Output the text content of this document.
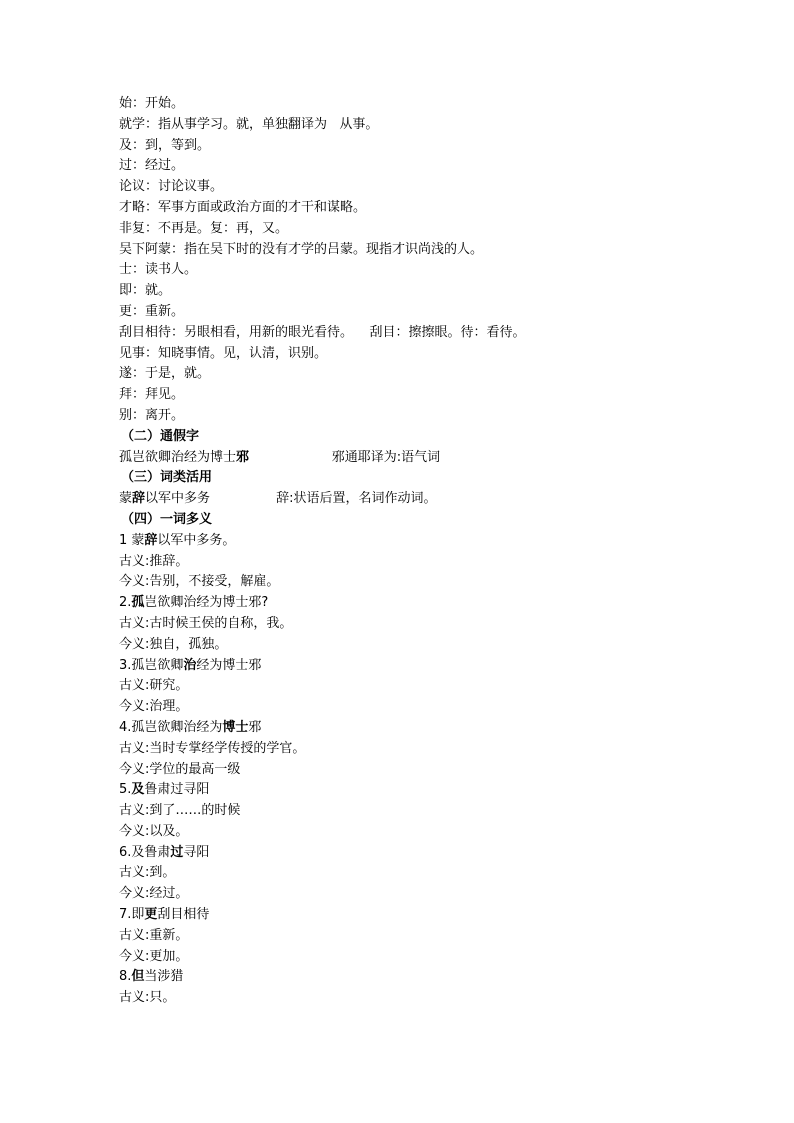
始：开始。
就学：指从事学习。就，单独翻译为   从事。
及：到，等到。
过：经过。
论议：讨论议事。
才略：军事方面或政治方面的才干和谋略。
非复：不再是。复：再，又。
吴下阿蒙：指在吴下时的没有才学的吕蒙。现指才识尚浅的人。
士：读书人。
即：就。
更：重新。
刮目相待：另眼相看，用新的眼光看待。    刮目：擦擦眼。待：看待。
见事：知晓事情。见，认清，识别。
遂：于是，就。
拜：拜见。
别：离开。
（二）通假字
孤岂欲卿治经为博士邪	邪通耶译为:语气词
（三）词类活用
蒙辞以军中多务	辞:状语后置，名词作动词。
（四）一词多义
1 蒙辞以军中多务。
古义:推辞。
今义:告别，不接受，解雇。
2.孤岂欲卿治经为博士邪?
古义:古时候王侯的自称，我。
今义:独自，孤独。
3.孤岂欲卿治经为博士邪
古义:研究。
今义:治理。
4.孤岂欲卿治经为博士邪
古义:当时专掌经学传授的学官。
今义:学位的最高一级
5.及鲁肃过寻阳
古义:到了……的时候
今义:以及。
6.及鲁肃过寻阳
古义:到。
今义:经过。
7.即更刮目相待
古义:重新。
今义:更加。
8.但当涉猎
古义:只。
